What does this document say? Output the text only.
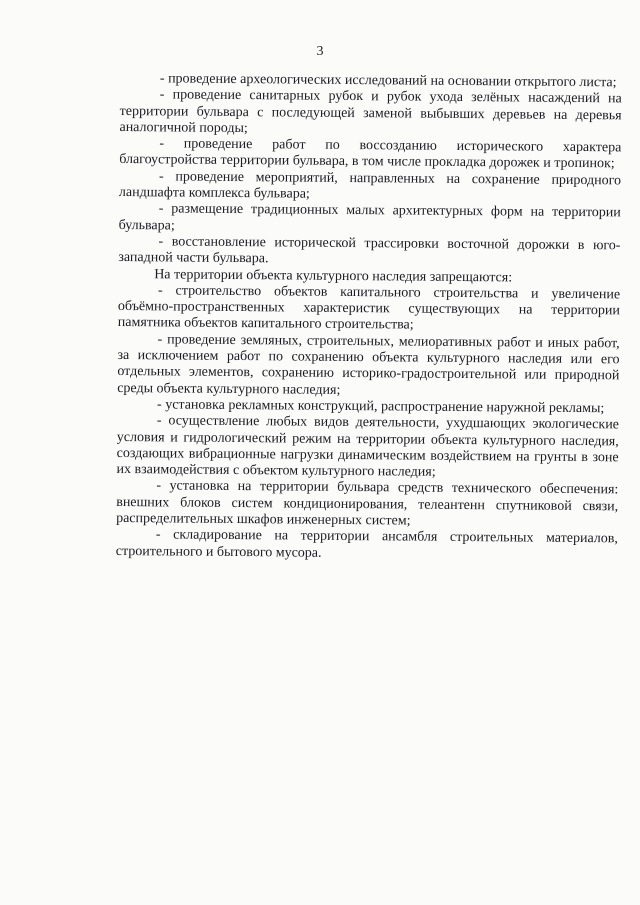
3

- проведение археологических исследований на основании открытого листа;

- проведение санитарных рубок и рубок ухода зелёных насаждений на территории бульвара с последующей заменой выбывших деревьев на деревья аналогичной породы;

- проведение работ по воссозданию исторического характера благоустройства территории бульвара, в том числе прокладка дорожек и тропинок;

- проведение мероприятий, направленных на сохранение природного ландшафта комплекса бульвара;

- размещение традиционных малых архитектурных форм на территории бульвара;

- восстановление исторической трассировки восточной дорожки в юго-западной части бульвара.

На территории объекта культурного наследия запрещаются:

- строительство объектов капитального строительства и увеличение объёмно-пространственных характеристик существующих на территории памятника объектов капитального строительства;

- проведение земляных, строительных, мелиоративных работ и иных работ, за исключением работ по сохранению объекта культурного наследия или его отдельных элементов, сохранению историко-градостроительной или природной среды объекта культурного наследия;

- установка рекламных конструкций, распространение наружной рекламы;

- осуществление любых видов деятельности, ухудшающих экологические условия и гидрологический режим на территории объекта культурного наследия, создающих вибрационные нагрузки динамическим воздействием на грунты в зоне их взаимодействия с объектом культурного наследия;

- установка на территории бульвара средств технического обеспечения: внешних блоков систем кондиционирования, телеантенн спутниковой связи, распределительных шкафов инженерных систем;

- складирование на территории ансамбля строительных материалов, строительного и бытового мусора.
